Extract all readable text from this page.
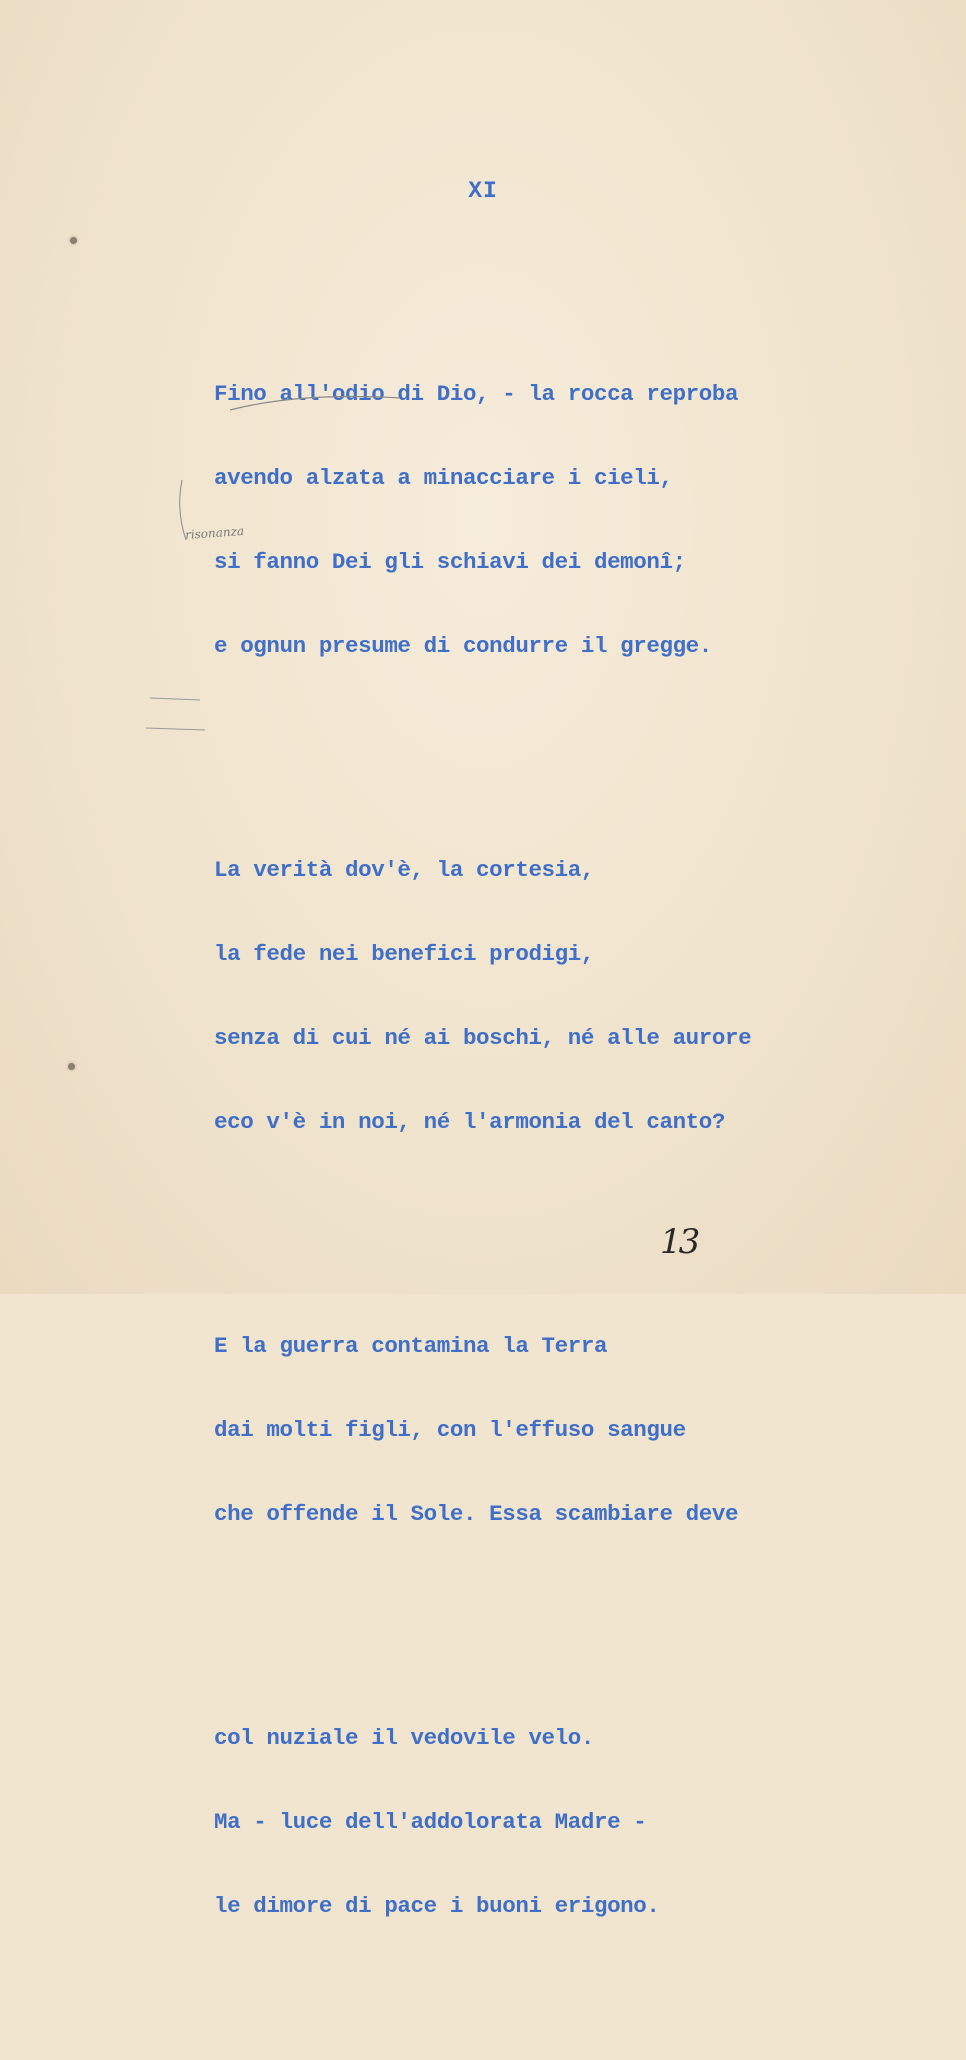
XI

Fino all'odio di Dio, - la rocca reproba

avendo alzata a minacciare i cieli,

si fanno Dei gli schiavi dei demonî;

e ognun presume di condurre il gregge.

La verità dov'è, la cortesia,

la fede nei benefici prodigi,

senza di cui né ai boschi, né alle aurore

eco v'è in noi, né l'armonia del canto?

E la guerra contamina la Terra

dai molti figli, con l'effuso sangue

che offende il Sole. Essa scambiare deve

col nuziale il vedovile velo.

Ma - luce dell'addolorata Madre -

le dimore di pace i buoni erigono.

risonanza
13
